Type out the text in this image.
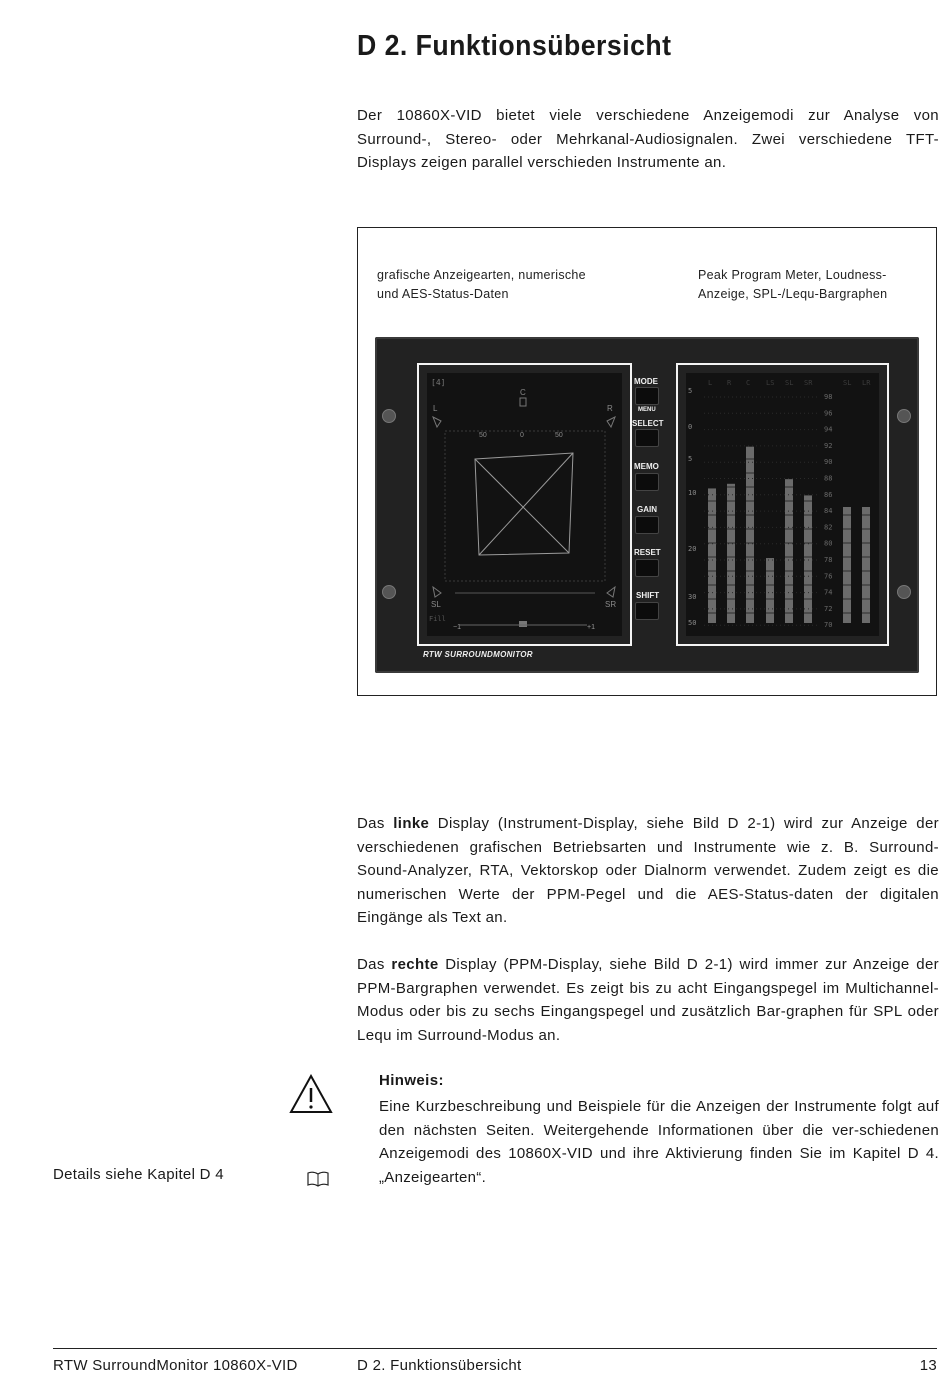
D 2. Funktionsübersicht

Der 10860X-VID bietet viele verschiedene Anzeigemodi zur Analyse von Surround-, Stereo- oder Mehrkanal-Audiosignalen. Zwei verschiedene TFT-Displays zeigen parallel verschieden Instrumente an.

grafische Anzeigearten, numerische
und AES-Status-Daten
Peak Program Meter, Loudness-
Anzeige, SPL-/Lequ-Bargraphen
[4]
C
L	R
50	0	50
SL	SR
Fill
−1	+1
MODE
MENU
SELECT
MEMO
GAIN
RESET
SHIFT
5
0
5
10
20
30
50
98
96
94
92
90
88
86
84
82
80
78
76
74
72
70
L R C LS SL SR	SL LR
RTW SURROUNDMONITOR

Das linke Display (Instrument-Display, siehe Bild D 2-1) wird zur Anzeige der verschiedenen grafischen Betriebsarten und Instrumente wie z. B. Surround-Sound-Analyzer, RTA, Vektorskop oder Dialnorm verwendet. Zudem zeigt es die numerischen Werte der PPM-Pegel und die AES-Status-daten der digitalen Eingänge als Text an.

Das rechte Display (PPM-Display, siehe Bild D 2-1) wird immer zur Anzeige der PPM-Bargraphen verwendet. Es zeigt bis zu acht Eingangspegel im Multichannel-Modus oder bis zu sechs Eingangspegel und zusätzlich Bar-graphen für SPL oder Lequ im Surround-Modus an.

Hinweis:

Eine Kurzbeschreibung und Beispiele für die Anzeigen der Instrumente folgt auf den nächsten Seiten. Weitergehende Informationen über die ver-schiedenen Anzeigemodi des 10860X-VID und ihre Aktivierung finden Sie im Kapitel D 4. „Anzeigearten“.

Details siehe Kapitel D 4
RTW SurroundMonitor 10860X-VID	D 2. Funktionsübersicht	13
